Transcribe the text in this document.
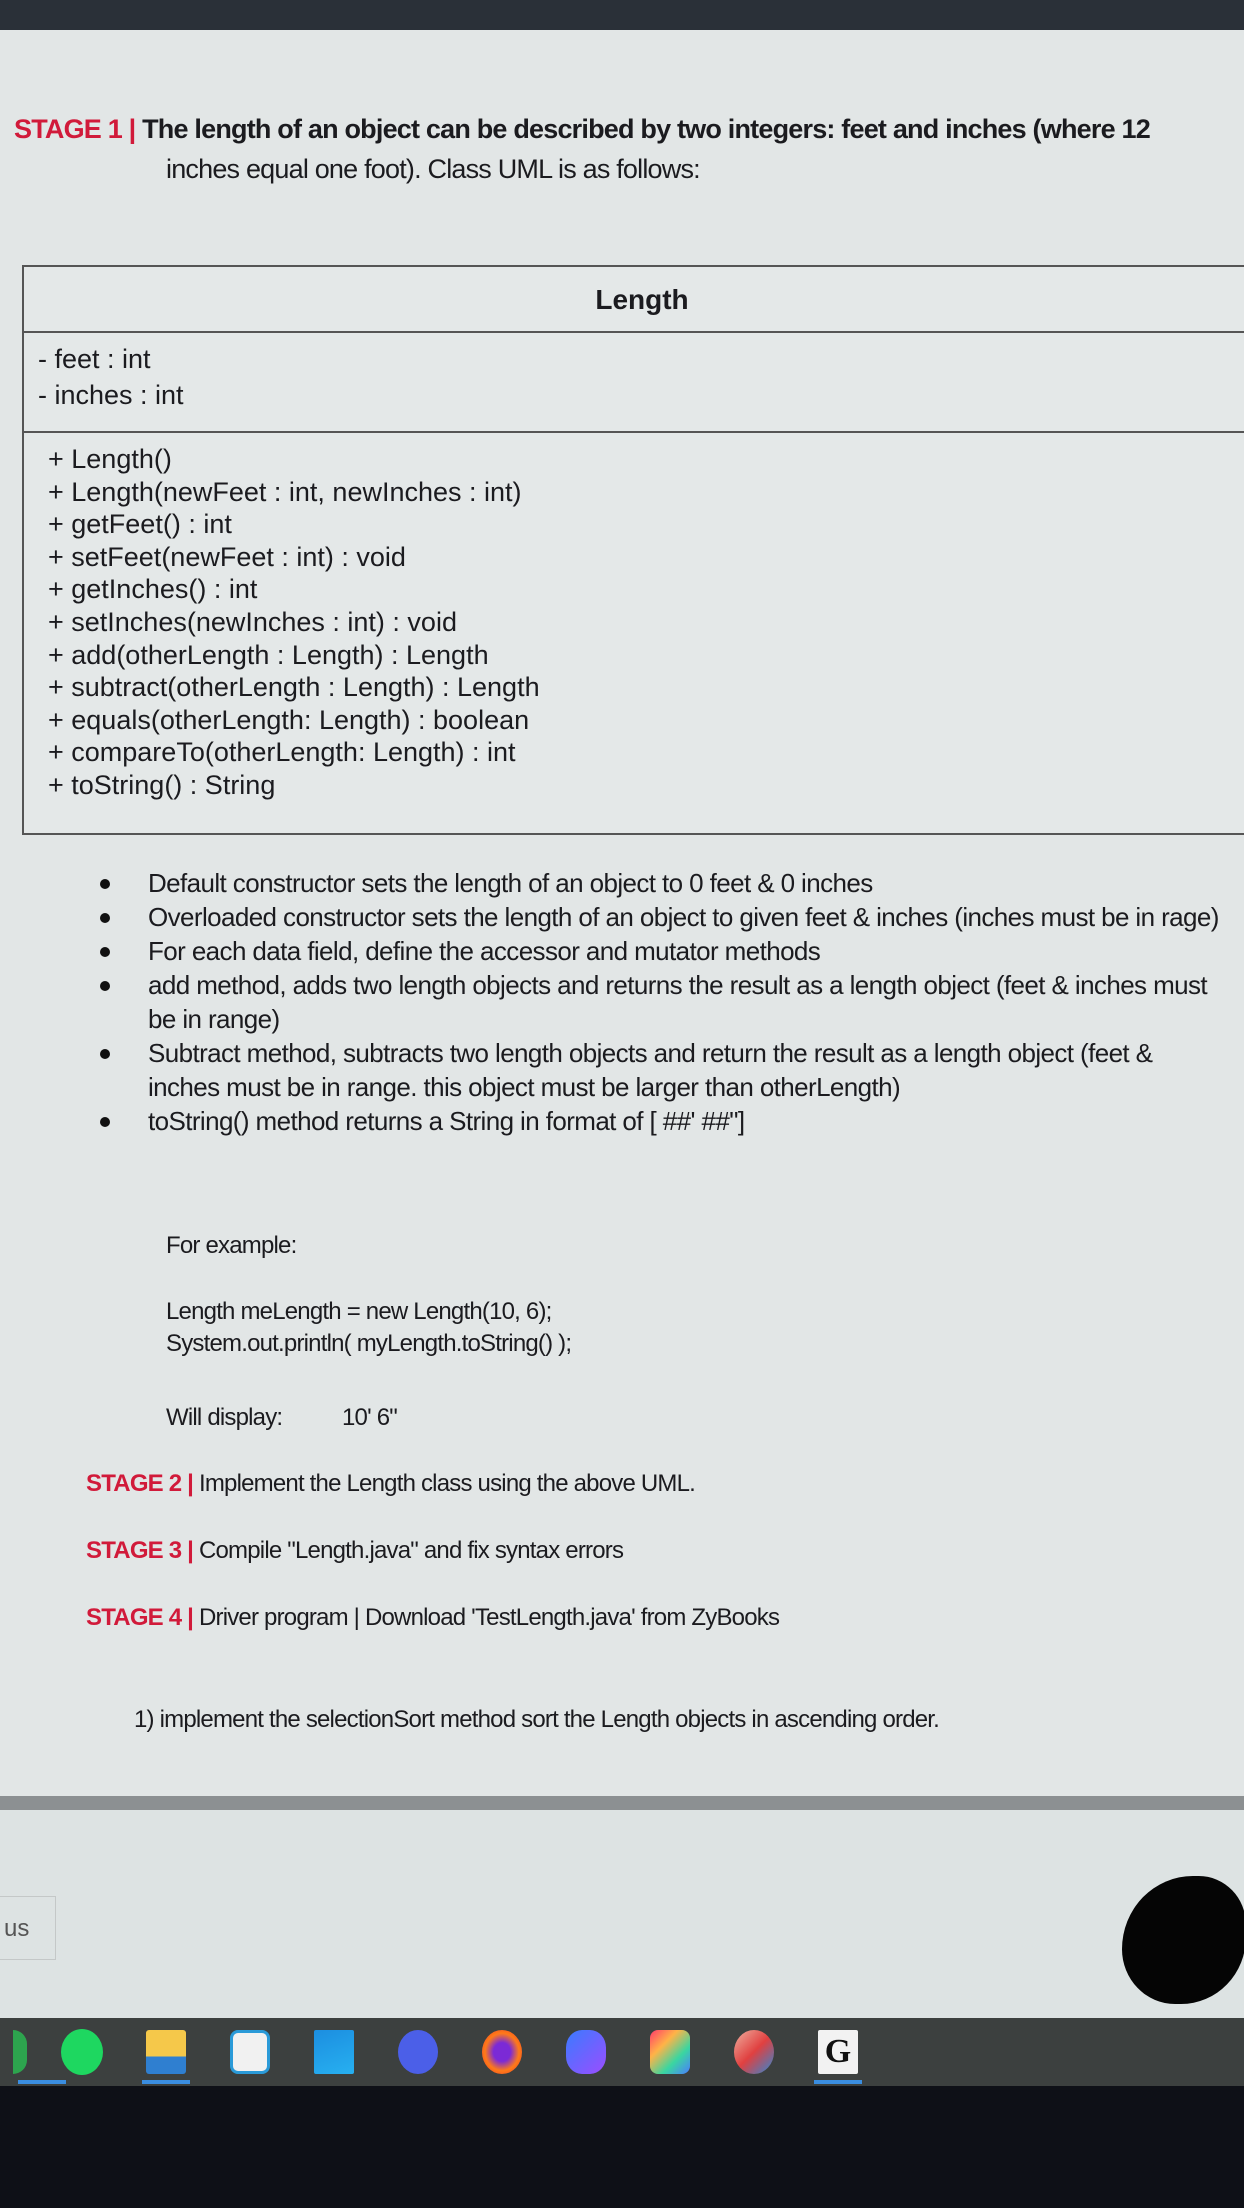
STAGE 1 | The length of an object can be described by two integers: feet and inches (where 12
inches equal one foot). Class UML is as follows:
Length
- feet : int
- inches : int
+ Length()
+ Length(newFeet : int, newInches : int)
+ getFeet() : int
+ setFeet(newFeet : int) : void
+ getInches() : int
+ setInches(newInches : int) : void
+ add(otherLength : Length) : Length
+ subtract(otherLength : Length) : Length
+ equals(otherLength: Length) : boolean
+ compareTo(otherLength: Length) : int
+ toString() : String
Default constructor sets the length of an object to 0 feet & 0 inches
Overloaded constructor sets the length of an object to given feet & inches (inches must be in rage)
For each data field, define the accessor and mutator methods
add method, adds two length objects and returns the result as a length object (feet & inches must be in range)
Subtract method, subtracts two length objects and return the result as a length object (feet & inches must be in range. this object must be larger than otherLength)
toString() method returns a String in format of [ ##' ##"]
For example:
Length meLength = new Length(10, 6);
System.out.println( myLength.toString() );
Will display: 10' 6"
STAGE 2 | Implement the Length class using the above UML.
STAGE 3 | Compile "Length.java" and fix syntax errors
STAGE 4 | Driver program | Download 'TestLength.java' from ZyBooks
1) implement the selectionSort method sort the Length objects in ascending order.
us
G
